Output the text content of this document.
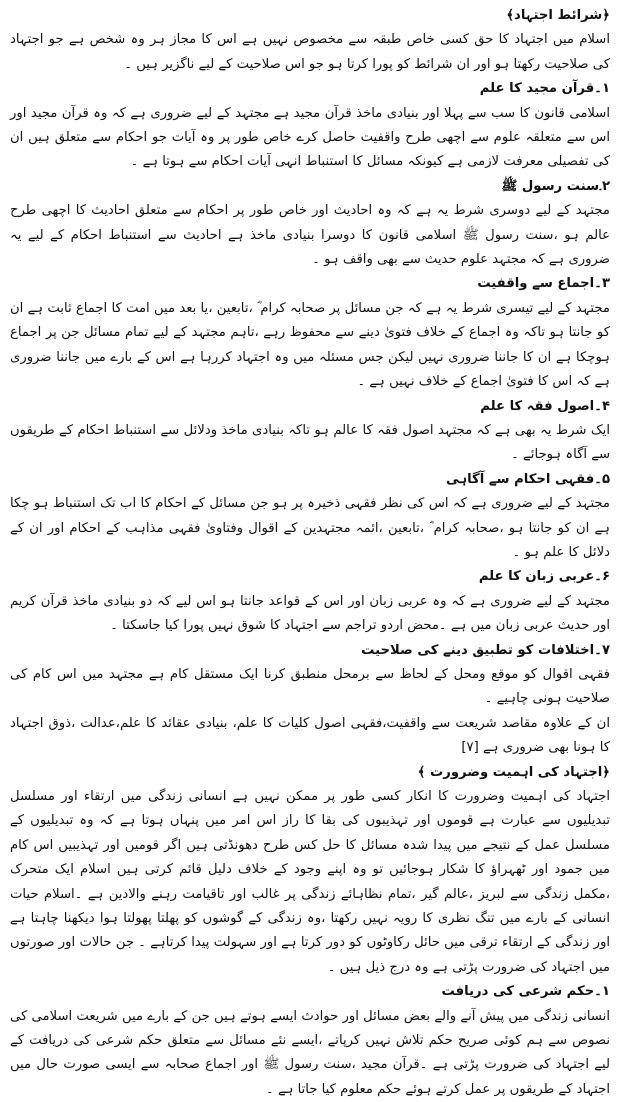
﴿شرائط اجتہاد﴾
اسلام میں اجتہاد کا حق کسی خاص طبقہ سے مخصوص نہیں ہے اس کا مجاز ہر وہ شخص ہے جو اجتہاد کی صلاحیت رکھتا ہو اور ان شرائط کو پورا کرتا ہو جو اس صلاحیت کے لیے ناگزیر ہیں ۔
۱۔قرآن مجید کا علم
اسلامی قانون کا سب سے پہلا اور بنیادی ماخذ قرآن مجید ہے مجتہد کے لیے ضروری ہے کہ وہ قرآن مجید اور اس سے متعلقہ علوم سے اچھی طرح واقفیت حاصل کرے خاص طور پر وہ آیات جو احکام سے متعلق ہیں ان کی تفصیلی معرفت لازمی ہے کیونکہ مسائل کا استنباط انہی آیات احکام سے ہوتا ہے ۔
۲۔سنت رسول ﷺ
مجتہد کے لیے دوسری شرط یہ ہے کہ وہ احادیث اور خاص طور پر احکام سے متعلق احادیث کا اچھی طرح عالم ہو ،سنت رسول ﷺ اسلامی قانون کا دوسرا بنیادی ماخذ ہے احادیث سے استنباط احکام کے لیے یہ ضروری ہے کہ مجتہد علوم حدیث سے بھی واقف ہو ۔
۳۔اجماع سے واقفیت
مجتہد کے لیے تیسری شرط یہ ہے کہ جن مسائل پر صحابہ کرام ؓ ،تابعین ،یا بعد میں امت کا اجماع ثابت ہے ان کو جانتا ہو تاکہ وہ اجماع کے خلاف فتویٰ دینے سے محفوظ رہے ،تاہم مجتہد کے لیے تمام مسائل جن پر اجماع ہوچکا ہے ان کا جاننا ضروری نہیں لیکن جس مسئلہ میں وہ اجتہاد کررہا ہے اس کے بارے میں جاننا ضروری ہے کہ اس کا فتویٰ اجماع کے خلاف نہیں ہے ۔
۴۔اصول فقہ کا علم
ایک شرط یہ بھی ہے کہ مجتہد اصول فقہ کا عالم ہو تاکہ بنیادی ماخذ ودلائل سے استنباط احکام کے طریقوں سے آگاہ ہوجائے ۔
۵۔فقہی احکام سے آگاہی
مجتہد کے لیے ضروری ہے کہ اس کی نظر فقہی ذخیرہ پر ہو جن مسائل کے احکام کا اب تک استنباط ہو چکا ہے ان کو جانتا ہو ،صحابہ کرام ؓ ،تابعین ،ائمہ مجتہدین کے اقوال وفتاویٰ فقہی مذاہب کے احکام اور ان کے دلائل کا علم ہو ۔
۶۔عربی زبان کا علم
مجتہد کے لیے ضروری ہے کہ وہ عربی زبان اور اس کے قواعد جانتا ہو اس لیے کہ دو بنیادی ماخذ قرآن کریم اور حدیث عربی زبان میں ہے ۔محض اردو تراجم سے اجتہاد کا شوق نہیں پورا کیا جاسکتا ۔
۷۔اختلافات کو تطبیق دینے کی صلاحیت
فقہی اقوال کو موقع ومحل کے لحاظ سے برمحل منطبق کرنا ایک مستقل کام ہے مجتہد میں اس کام کی صلاحیت ہونی چاہیے ۔
ان کے علاوہ مقاصد شریعت سے واقفیت،فقہی اصول کلیات کا علم، بنیادی عقائد کا علم،عدالت ،ذوق اجتہاد کا ہونا بھی ضروری ہے [۷]
﴿اجتہاد کی اہمیت وضرورت ﴾
اجتہاد کی اہمیت وضرورت کا انکار کسی طور پر ممکن نہیں ہے انسانی زندگی میں ارتقاء اور مسلسل تبدیلیوں سے عبارت ہے قوموں اور تہذیبوں کی بقا کا راز اس امر میں پنہاں ہوتا ہے کہ وہ تبدیلیوں کے مسلسل عمل کے نتیجے میں پیدا شدہ مسائل کا حل کس طرح دھونڈتی ہیں اگر قومیں اور تہذیبیں اس کام میں جمود اور ٹھہراؤ کا شکار ہوجائیں تو وہ اپنے وجود کے خلاف دلیل قائم کرتی ہیں اسلام ایک متحرک ،مکمل زندگی سے لبریز ،عالم گیر ،تمام نظاہائے زندگی پر غالب اور تاقیامت رہنے والادین ہے ۔اسلام حیات انسانی کے بارے میں تنگ نظری کا رویہ نہیں رکھتا ،وہ زندگی کے گوشوں کو پھلتا پھولتا ہوا دیکھنا چاہتا ہے اور زندگی کے ارتقاء ترقی میں حائل رکاوٹوں کو دور کرتا ہے اور سہولت پیدا کرتاہے ۔ جن حالات اور صورتوں میں اجتہاد کی ضرورت پڑتی ہے وہ درج ذیل ہیں ۔
۱۔حکم شرعی کی دریافت
انسانی زندگی میں پیش آنے والے بعض مسائل اور حوادث ایسے ہوتے ہیں جن کے بارے میں شریعت اسلامی کی نصوص سے ہم کوئی صریح حکم تلاش نہیں کرپاتے ،ایسے نئے مسائل سے متعلق حکم شرعی کی دریافت کے لیے اجتہاد کی ضرورت پڑتی ہے ۔قرآن مجید ،سنت رسول ﷺ اور اجماع صحابہ سے ایسی صورت حال میں اجتہاد کے طریقوں پر عمل کرتے ہوئے حکم معلوم کیا جاتا ہے ۔
